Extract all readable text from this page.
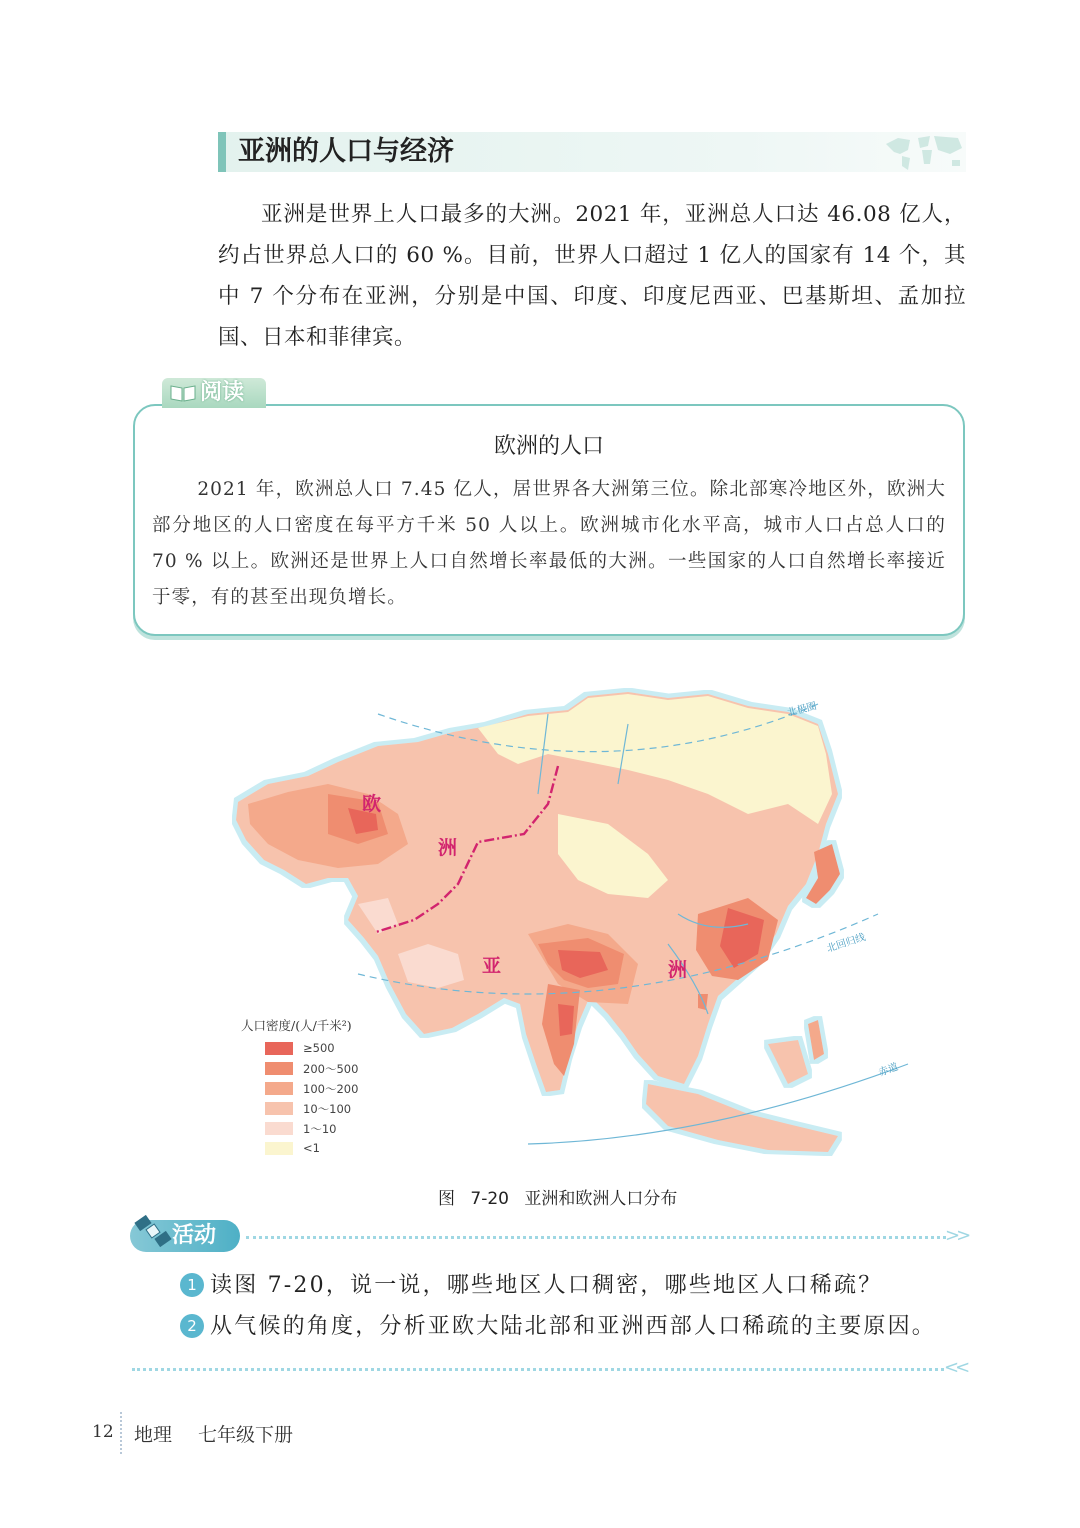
亚洲的人口与经济
亚洲是世界上人口最多的大洲。2021 年，亚洲总人口达 46.08 亿人，约占世界总人口的 60 %。目前，世界人口超过 1 亿人的国家有 14 个，其中 7 个分布在亚洲，分别是中国、印度、印度尼西亚、巴基斯坦、孟加拉国、日本和菲律宾。
阅读
欧洲的人口
2021 年，欧洲总人口 7.45 亿人，居世界各大洲第三位。除北部寒冷地区外，欧洲大部分地区的人口密度在每平方千米 50 人以上。欧洲城市化水平高，城市人口占总人口的 70 % 以上。欧洲还是世界上人口自然增长率最低的大洲。一些国家的人口自然增长率接近于零，有的甚至出现负增长。
欧
洲
亚	洲
北极圈
北回归线
赤道
人口密度/(人/千米²)
≥500
200～500
100～200
10～100
1～10
<1
图 7-20 亚洲和欧洲人口分布
活动	>>
1 读图 7-20，说一说，哪些地区人口稠密，哪些地区人口稀疏？
2 从气候的角度，分析亚欧大陆北部和亚洲西部人口稀疏的主要原因。
<<
12 地理 七年级下册
